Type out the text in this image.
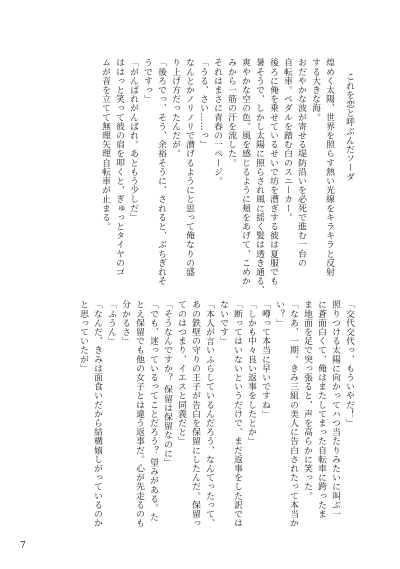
これを恋と呼ぶんだソーダ
煌めく太陽、世界を照らす熱い光線をキラキラと反射
する大きな海。
おだやかな波が寄せる堤防沿いを必死で進む一台の
自転車。ペダルを踏む白のスニーカー。
後ろに俺を乗せているせいで坊を漕ぎする彼は夏服でも
暑そうで、しかし太陽に照らされ風に揺く髪は透き通る、
爽やかな空の色。風を感じるように頬をあげて、こめか
みから一筋の汗を流した。
それはまさに青春の一ページ。
「うる、さい……っ」
なんとかノリノリで漕げるようにと思って俺なりの盛
り上げ方だったんだが。
「後ろでっ、そう、余裕そうに、されると、ぶちぎれそ
うですっ」
「がんばれがんばれ。あともう少しだ」
ははっと笑って彼の肩を叩くと、ぎゅっとタイヤのゴ
ムが音を立てて無理矢理自転車が止まる。
「交代交代っ、もういやだ！」
照りつける太陽に向かってハつ当たりみたいに叫ぶ一
に蒼面白くて、俺はまたしてまった自転車に跨ったま
ま地面を足で突っ張ると、声を高らかに笑った。
「なあ、一期。きみ三組の美人に告白されたって本当か
い？」
「噂って本当に早いですね」
「しかも中々良い返事をしたとか」
「断ってはいないというだけで、まだ返事をした訳では
ないです」
「本人が言いふらしているんだろう、なんてったって、
あの鉄壁の守りの王子が告白を保留にしたんだ。保留っ
てのはつまり、イエスと同義だと」
「そうなんですか？ 保留は保留なのに」
「でも、迷っているってことだろう？ 望みがある。た
とえ保留でも他の女子とは違う返事だ。心が先走るのも
分かるさ」
「ふうん」
「なんだ、きみは面食いだから結構嬉しがっているのか
と思っていたが」
7
